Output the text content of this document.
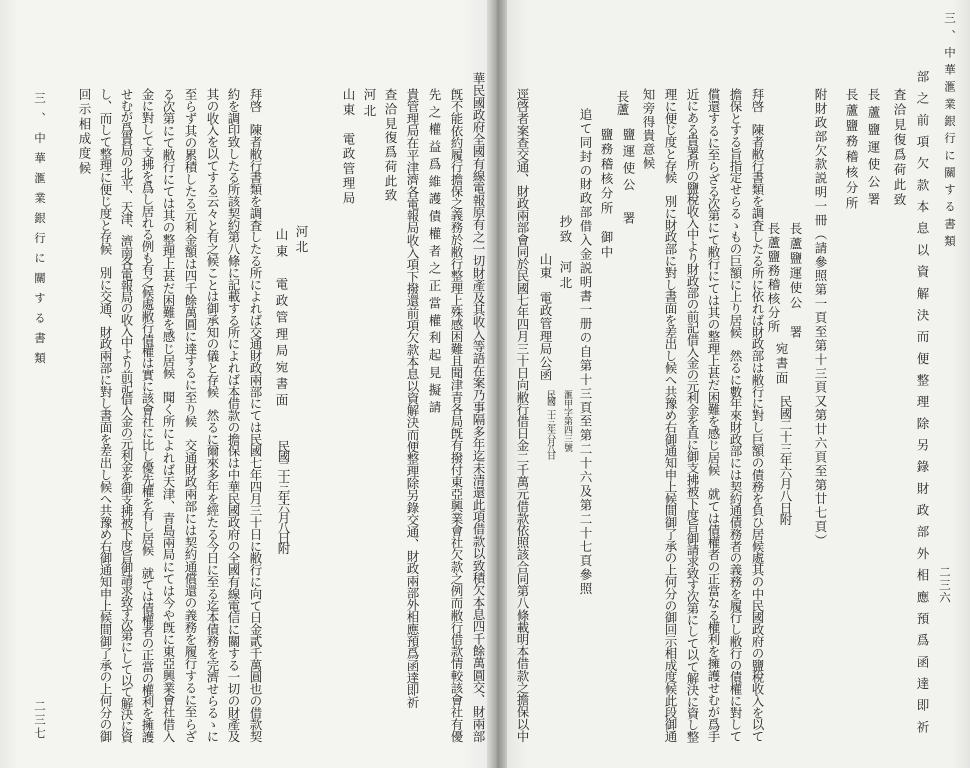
三、中華滙業銀行に關する書類
二三六
部之前項欠款本息以資解決而便整理除另錄財政部外相應預爲函達即祈
査洽見復爲荷此致
長蘆鹽運使公署
長蘆鹽務稽核分所
附財政部欠款説明一冊（請參照第一頁至第十三頁又第廿六頁至第廿七頁）
長蘆鹽運使公　署
長蘆鹽務稽核分所
宛書面
民國二十三年六月八日附
拜啓　陳者敝行書類を調査したる所に依れば財政部は敝行に對し巨額の債務を負ひ居候處其の中民國政府の鹽稅收入を以て
擔保とする旨指定せらるゝもの巨額に上り居候　然るに數年來財政部には契約通債務者の義務を履行し敝行の債權に對して
償還するに至らざる次第にて敝行にては其の整理上甚だ困難を感じ居候　就ては債權者の正當なる權利を擁護せむが爲手
近にある貴署所の鹽稅收入中より財政部の前記借入金の元利金を直に御支拂被下度旨御請求致す次第にして以て解決に資し整
理に便じ度と存候　別に財政部に對し書面を差出し候へ共豫め右御通知申上候間御了承の上何分の御回示相成度候此段御通
知旁得貴意候
長蘆
鹽運使公　署
鹽務稽核分所　御中
追て同封の財政部借入金説明書一册の自第十三頁至第二十六及第二十七頁參照
抄致　河北
山東　電政管理局公函
滙甲字第四三號
民國二十三年六月八日
逕啓者案查交通、財政兩部會同於民國七年四月三十日向敝行借日金二千萬元借款依照該合同第八條載明本借款之擔保以中
華民國政府全國有線電報原有之一切財產及其收入等語在案乃事隔多年迄未清還此項借款以致積欠本息四千餘萬圓交、財兩部
旣不能依約履行擔保之義務於敝行整理上殊感困難且聞津青各局旣有撥付東亞興業會社欠款之例而敝行借款情較該會社有優
先之權益爲維護債權者之正當權利起見擬請
貴管理局在平津濟各電報局收入項下撥還前項欠款本息以資解決而便整理除另錄交通、財政兩部外相應預爲函達即祈
查洽見復爲荷此致
河北
山東　電政管理局
河北
山東　電政管理局宛書面
民國二十三年六月八日附
拜啓　陳者敝行書類を調査したる所によれば交通財政兩部にては民國七年四月三十日に敝行に向て日金貳千萬圓也の借款契
約を調印致したる所該契約第八條に記載する所によれば本借款の擔保は中華民國政府の全國有線電信に關する一切の財產及
其の收入を以てする云々と有之候ことは御承知の儀と存候　然るに爾來多年を經たる今日に至る迄本債務を完濟せらるゝに
至らず其の累積したる元利金額は四千餘萬圓に達するに至り候　交通財政兩部には契約通償還の義務を履行するに至らざ
る次第にて敝行にては其の整理上甚だ困難を感じ居候　聞く所によれば天津、青島兩局にては今や旣に東亞興業會社借入
金に對して支拂を爲し居れる例も有之候處敝行債權は實に該會社に比し優先權を有し居候　就ては債權者の正當の權利を擁護
せむが爲貴局の北平、天津、濟南各電報局の收入中より前記借入金の元利金を御支拂被下度旨御請求致す次第にして以て解決に資
し、而して整理に便じ度と存候　別に交通、財政兩部に對し書面を差出し候へ共豫め右御通知申上候間御了承の上何分の御
回示相成度候
三、中華滙業銀行に關する書類
二三七
